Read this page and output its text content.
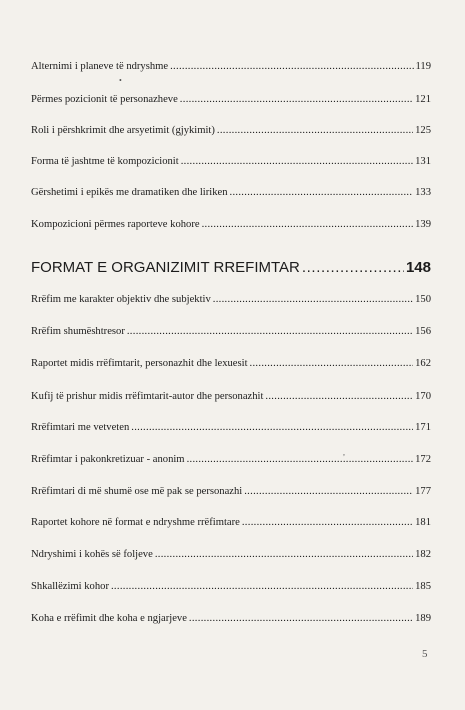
Alternimi i planeve të ndryshme .....	119
•
Përmes pozicionit të personazheve .....	121
Roli i përshkrimit dhe arsyetimit (gjykimit) .....	125
Forma të jashtme të kompozicionit .....	131
Gërshetimi i epikës me dramatiken dhe liriken .....	133
Kompozicioni përmes raporteve kohore .....	139
FORMAT E ORGANIZIMIT RREFIMTAR .....	148
Rrëfim me karakter objektiv dhe subjektiv .....	150
Rrëfim shumështresor .....	156
Raportet midis rrëfimtarit, personazhit dhe lexuesit .....	162
Kufij të prishur midis rrëfimtarit-autor dhe personazhit .....	170
Rrëfimtari me vetveten .....	171
,
Rrëfimtar i pakonkretizuar - anonim .....	172
Rrëfimtari di më shumë ose më pak se personazhi .....	177
Raportet kohore në format e ndryshme rrëfimtare .....	181
Ndryshimi i kohës së foljeve .....	182
Shkallëzimi kohor .....	185
Koha e rrëfimit dhe koha e ngjarjeve .....	189
5
